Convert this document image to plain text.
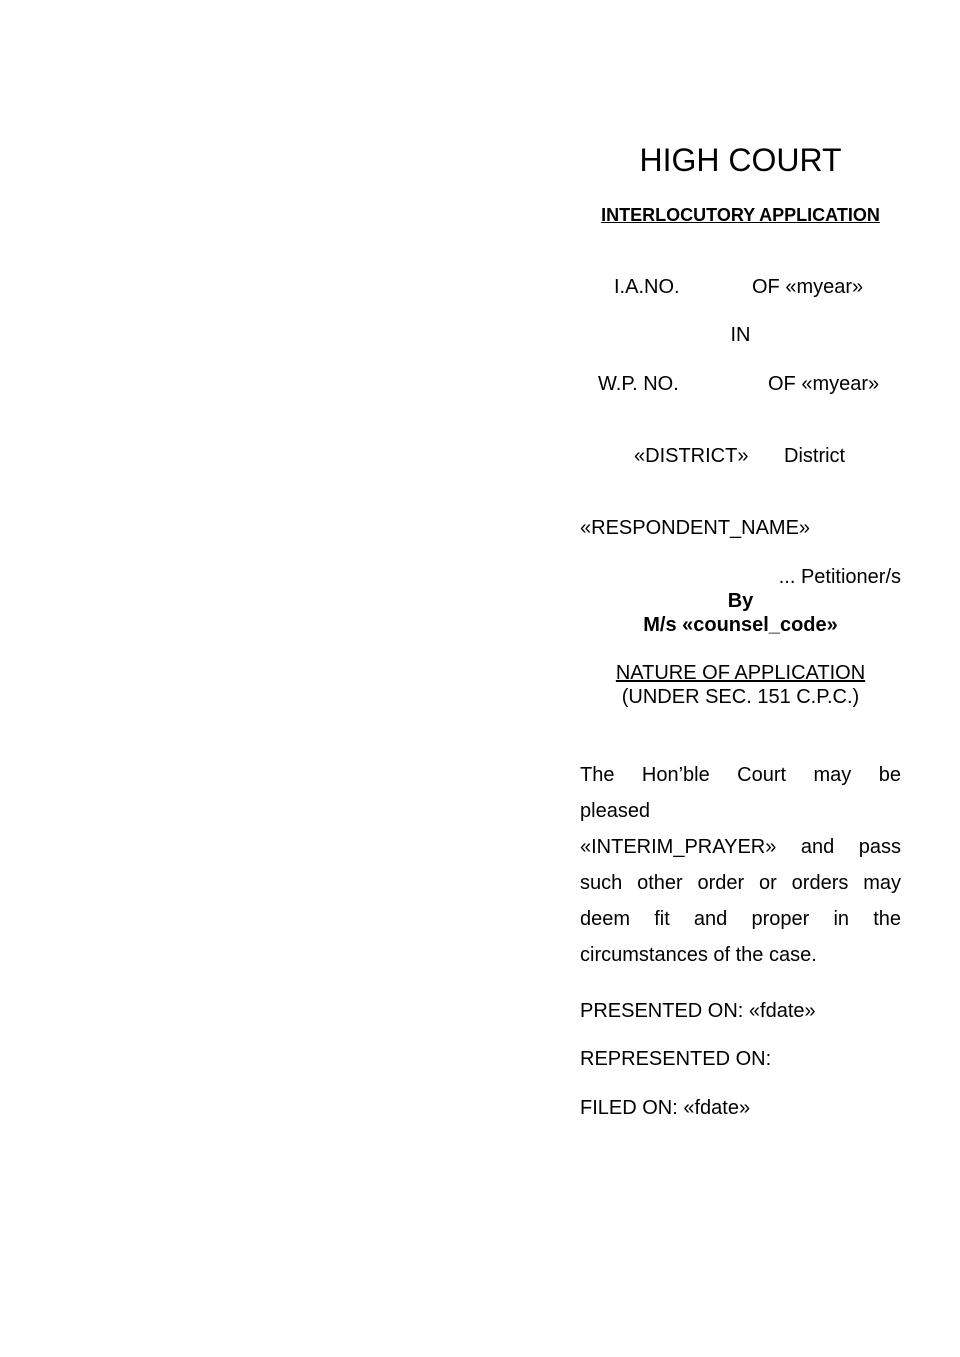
HIGH COURT
INTERLOCUTORY APPLICATION
I.A.NO.	OF «myear»
IN
W.P. NO.	OF «myear»
«DISTRICT» District
«RESPONDENT_NAME»
... Petitioner/s
By
M/s «counsel_code»
NATURE OF APPLICATION
(UNDER SEC. 151 C.P.C.)
The Hon’ble Court may be
pleased
«INTERIM_PRAYER» and pass
such other order or orders may
deem fit and proper in the
circumstances of the case.
PRESENTED ON: «fdate»
REPRESENTED ON:
FILED ON: «fdate»
